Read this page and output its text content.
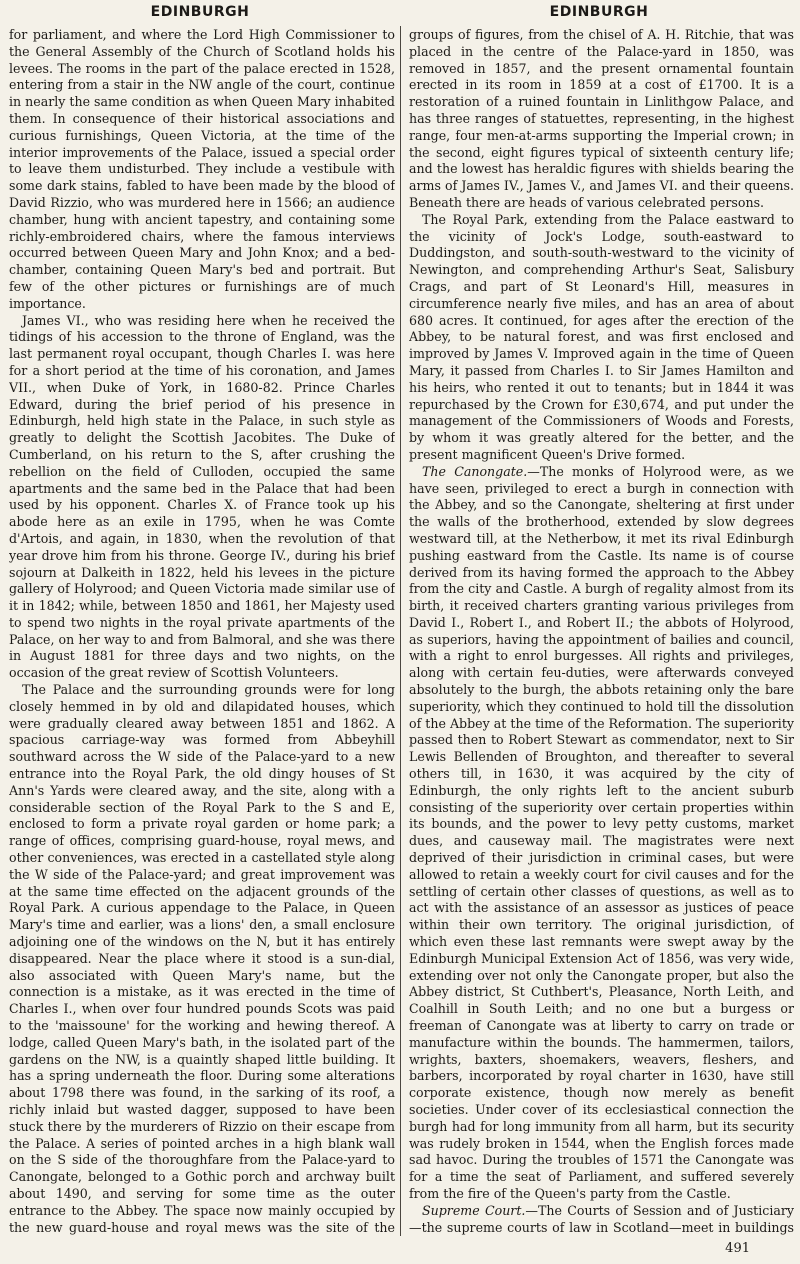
EDINBURGH	EDINBURGH

for parliament, and where the Lord High Commissioner to the General Assembly of the Church of Scotland holds his levees. The rooms in the part of the palace erected in 1528, entering from a stair in the NW angle of the court, continue in nearly the same condition as when Queen Mary inhabited them. In consequence of their historical associations and curious furnishings, Queen Victoria, at the time of the interior improvements of the Palace, issued a special order to leave them undisturbed. They include a vestibule with some dark stains, fabled to have been made by the blood of David Rizzio, who was murdered here in 1566; an audience chamber, hung with ancient tapestry, and containing some richly-embroidered chairs, where the famous interviews occurred between Queen Mary and John Knox; and a bed-chamber, containing Queen Mary's bed and portrait. But few of the other pictures or furnishings are of much importance.

James VI., who was residing here when he received the tidings of his accession to the throne of England, was the last permanent royal occupant, though Charles I. was here for a short period at the time of his coronation, and James VII., when Duke of York, in 1680-82. Prince Charles Edward, during the brief period of his presence in Edinburgh, held high state in the Palace, in such style as greatly to delight the Scottish Jacobites. The Duke of Cumberland, on his return to the S, after crushing the rebellion on the field of Culloden, occupied the same apartments and the same bed in the Palace that had been used by his opponent. Charles X. of France took up his abode here as an exile in 1795, when he was Comte d'Artois, and again, in 1830, when the revolution of that year drove him from his throne. George IV., during his brief sojourn at Dalkeith in 1822, held his levees in the picture gallery of Holyrood; and Queen Victoria made similar use of it in 1842; while, between 1850 and 1861, her Majesty used to spend two nights in the royal private apartments of the Palace, on her way to and from Balmoral, and she was there in August 1881 for three days and two nights, on the occasion of the great review of Scottish Volunteers.

The Palace and the surrounding grounds were for long closely hemmed in by old and dilapidated houses, which were gradually cleared away between 1851 and 1862. A spacious carriage-way was formed from Abbeyhill southward across the W side of the Palace-yard to a new entrance into the Royal Park, the old dingy houses of St Ann's Yards were cleared away, and the site, along with a considerable section of the Royal Park to the S and E, enclosed to form a private royal garden or home park; a range of offices, comprising guard-house, royal mews, and other conveniences, was erected in a castellated style along the W side of the Palace-yard; and great improvement was at the same time effected on the adjacent grounds of the Royal Park. A curious appendage to the Palace, in Queen Mary's time and earlier, was a lions' den, a small enclosure adjoining one of the windows on the N, but it has entirely disappeared. Near the place where it stood is a sun-dial, also associated with Queen Mary's name, but the connection is a mistake, as it was erected in the time of Charles I., when over four hundred pounds Scots was paid to the 'maissoune' for the working and hewing thereof. A lodge, called Queen Mary's bath, in the isolated part of the gardens on the NW, is a quaintly shaped little building. It has a spring underneath the floor. During some alterations about 1798 there was found, in the sarking of its roof, a richly inlaid but wasted dagger, supposed to have been stuck there by the murderers of Rizzio on their escape from the Palace. A series of pointed arches in a high blank wall on the S side of the thoroughfare from the Palace-yard to Canongate, belonged to a Gothic porch and archway built about 1490, and serving for some time as the outer entrance to the Abbey. The space now mainly occupied by the new guard-house and royal mews was the site of the

groups of figures, from the chisel of A. H. Ritchie, that was placed in the centre of the Palace-yard in 1850, was removed in 1857, and the present ornamental fountain erected in its room in 1859 at a cost of £1700. It is a restoration of a ruined fountain in Linlithgow Palace, and has three ranges of statuettes, representing, in the highest range, four men-at-arms supporting the Imperial crown; in the second, eight figures typical of sixteenth century life; and the lowest has heraldic figures with shields bearing the arms of James IV., James V., and James VI. and their queens. Beneath there are heads of various celebrated persons.

The Royal Park, extending from the Palace eastward to the vicinity of Jock's Lodge, south-eastward to Duddingston, and south-south-westward to the vicinity of Newington, and comprehending Arthur's Seat, Salisbury Crags, and part of St Leonard's Hill, measures in circumference nearly five miles, and has an area of about 680 acres. It continued, for ages after the erection of the Abbey, to be natural forest, and was first enclosed and improved by James V. Improved again in the time of Queen Mary, it passed from Charles I. to Sir James Hamilton and his heirs, who rented it out to tenants; but in 1844 it was repurchased by the Crown for £30,674, and put under the management of the Commissioners of Woods and Forests, by whom it was greatly altered for the better, and the present magnificent Queen's Drive formed.

The Canongate.—The monks of Holyrood were, as we have seen, privileged to erect a burgh in connection with the Abbey, and so the Canongate, sheltering at first under the walls of the brotherhood, extended by slow degrees westward till, at the Netherbow, it met its rival Edinburgh pushing eastward from the Castle. Its name is of course derived from its having formed the approach to the Abbey from the city and Castle. A burgh of regality almost from its birth, it received charters granting various privileges from David I., Robert I., and Robert II.; the abbots of Holyrood, as superiors, having the appointment of bailies and council, with a right to enrol burgesses. All rights and privileges, along with certain feu-duties, were afterwards conveyed absolutely to the burgh, the abbots retaining only the bare superiority, which they continued to hold till the dissolution of the Abbey at the time of the Reformation. The superiority passed then to Robert Stewart as commendator, next to Sir Lewis Bellenden of Broughton, and thereafter to several others till, in 1630, it was acquired by the city of Edinburgh, the only rights left to the ancient suburb consisting of the superiority over certain properties within its bounds, and the power to levy petty customs, market dues, and causeway mail. The magistrates were next deprived of their jurisdiction in criminal cases, but were allowed to retain a weekly court for civil causes and for the settling of certain other classes of questions, as well as to act with the assistance of an assessor as justices of peace within their own territory. The original jurisdiction, of which even these last remnants were swept away by the Edinburgh Municipal Extension Act of 1856, was very wide, extending over not only the Canongate proper, but also the Abbey district, St Cuthbert's, Pleasance, North Leith, and Coalhill in South Leith; and no one but a burgess or freeman of Canongate was at liberty to carry on trade or manufacture within the bounds. The hammermen, tailors, wrights, baxters, shoemakers, weavers, fleshers, and barbers, incorporated by royal charter in 1630, have still corporate existence, though now merely as benefit societies. Under cover of its ecclesiastical connection the burgh had for long immunity from all harm, but its security was rudely broken in 1544, when the English forces made sad havoc. During the troubles of 1571 the Canongate was for a time the seat of Parliament, and suffered severely from the fire of the Queen's party from the Castle.

Supreme Court.—The Courts of Session and of Justiciary—the supreme courts of law in Scotland—meet in buildings

491
